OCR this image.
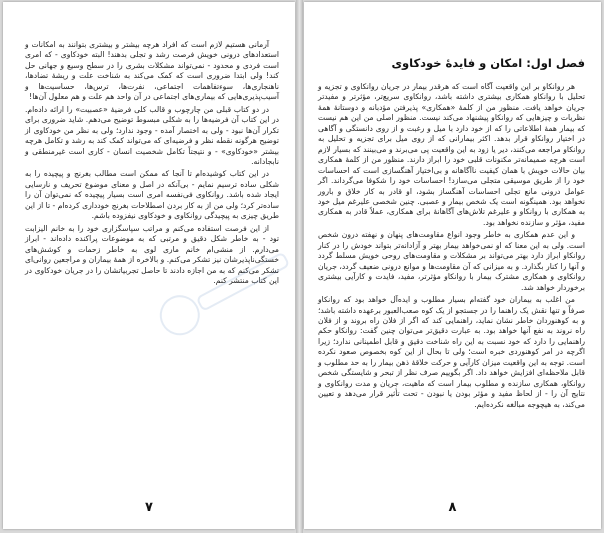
آرمانی هستیم لازم است که افراد هرچه بیشتر و بیشتری بتوانند به امکانات و استعدادهای درونی خویش فرصت رشد و تجلی بدهند! البته خودکاوی - که امری است فردی و محدود - نمی‌تواند مشکلات بشری را در سطح وسیع و جهانی حل کند! ولی ابتدا ضروری است که کمک می‌کند به شناخت علت و ریشهٔ تضادها، ناهنجاری‌ها، سوءتفاهمات اجتماعی، نفرت‌ها، ترس‌ها، حساسیت‌ها و آسیب‌پذیری‌هایی که بیماری‌های اجتماعی در آن واحد هم علت و هم معلول آن‌ها!

در دو کتاب قبلی من چارچوب و قالب کلی فرضیهٔ «عصبیت» را ارائه داده‌ام. در این کتاب آن فرضیه‌ها را به شکلی مبسوط توضیح می‌دهم. شاید ضروری برای تکرار آن‌ها نبود - ولی به اختصار آمده - وجود ندارد؛ ولی به نظر من خودکاوی از توضیح هرگونه نقطه نظر و فرضیه‌ای که می‌تواند کمک کند به رشد و تکامل هرچه بیشتر «خودکاوی» - و نتیجتاً تکامل شخصیت انسان - کاری است غیرمنطقی و نابجا‌دانه.

در این کتاب کوشیده‌ام تا آنجا که ممکن است مطالب بغرنج و پیچیده را به شکلی ساده ترسیم نمایم - بی‌آنکه در اصل و معنای موضوع تحریف و نارسایی ایجاد شده باشد. روانکاوی فی‌نفسه امری است بسیار پیچیده که نمی‌توان آن را ساده‌تر کرد؛ ولی من از به کار بردن اصطلاحات بغرنج خودداری کرده‌ام - تا از این طریق چیزی به پیچیدگی روانکاوی و خودکاوی نیفزوده باشم.

از این فرصت استفاده می‌کنم و مراتب سپاسگزاری خود را به خانم الیزابت تود - به خاطر شکل دقیق و مرتبی که به موضوعات پراکنده داده‌اند - ابراز می‌دارم. از منشی‌ام خانم ماری لوی به خاطر زحمات و کوشش‌های خستگی‌ناپذیرشان نیز تشکر می‌کنم. و بالاخره از همهٔ بیماران و مراجعین روانی‌ای تشکر می‌کنم که به من اجازه دادند تا حاصل تجربیاتشان را در جریان خودکاوی در این کتاب منتشر کنم.

۷
فصل اول: امکان و فایدهٔ خودکاوی

هر روانکاو بر این واقعیت آگاه است که هرقدر بیمار در جریان روانکاوی و تجزیه و تحلیل با روانکاو همکاری بیشتری داشته باشد، روانکاوی سریع‌تر، مؤثرتر و مفیدتر جریان خواهد یافت. منظور من از کلمهٔ «همکاری» پذیرفتن مؤدبانه و دوستانهٔ همهٔ نظریات و چیزهایی که روانکاو پیشنهاد می‌کند نیست. منظور اصلی من این هم نیست که بیمار همهٔ اطلاعاتی را که از خود دارد با میل و رغبت و از روی دانستگی و آگاهی در اختیار روانکاو قرار بدهد. اکثر بیمارانی که از روی میل برای تجزیه و تحلیل به روانکاو مراجعه می‌کنند، دیر یا زود به این واقعیت پی می‌برند و می‌بینند که بسیار لازم است هرچه صمیمانه‌تر مکنونات قلبی خود را ابراز دارند. منظور من از کلمهٔ همکاری بیان حالات خویش با همان کیفیت ناآگاهانه و بی‌اختیار آهنگسازی است که احساسات خود را از طریق موسیقی متجلی می‌سازد! احساسات خود را شکوفا می‌گرداند. اگر عوامل درونی مانع تجلی احساسات آهنگساز بشود، او قادر به کار خلاق و بارور نخواهد بود. همینگونه است یک شخص بیمار و عصبی. چنین شخصی علیرغم میل خود به همکاری با روانکاو و علیرغم تلاش‌های آگاهانهٔ برای همکاری، عملاً قادر به همکاری مفید، مؤثر و سازنده نخواهد بود.

و این عدم همکاری به خاطر وجود انواع مقاومت‌های پنهان و نهفته درون شخص است. ولی به این معنا که او نمی‌خواهد بیمار بهتر و آزادانه‌تر بتواند خودش را در کنار روانکاو ابراز دارد بهتر می‌تواند بر مشکلات و مقاومت‌های روحی خویش مسلط گردد و آنها را کنار بگذارد. و به میزانی که آن مقاومت‌ها و موانع درونی ضعیف گردد، جریان روانکاوی و همکاری مشترک بیمار با روانکاو مؤثرتر، مفید، فایدت و کارآیی بیشتری برخوردار خواهد شد.

من اغلب به بیماران خود گفته‌ام بسیار مطلوب و ایده‌آل خواهد بود که روانکاو صرفاً و تنها نقش یک راهنما را در جستجو از یک کوه صعب‌العبور برعهده داشته باشد؛ و به کوهنوردان خاطر نشان نماید، راهنمایی کند که اگر از فلان راه بروند و از فلان راه نروند به نفع آنها خواهد بود. به عبارت دقیق‌تر می‌توان چنین گفت: روانکاو حکم راهنمایی را دارد که خود نسبت به این راه شناخت دقیق و قابل اطمینانی ندارد؛ زیرا اگرچه در امر کوهنوردی خبره است؛ ولی تا بحال از این کوه بخصوص صعود نکرده است. توجه به این واقعیت میزان کارآیی و حرکت خلاقهٔ ذهن بیمار را به حد مطلوب و قابل ملاحظه‌ای افزایش خواهد داد. اگر بگوییم صرف نظر از تبحر و شایستگی شخص روانکاو، همکاری سازنده و مطلوب بیمار است که ماهیت، جریان و مدت روانکاوی و نتایج آن را - از لحاظ مفید و مؤثر بودن یا نبودن - تحت تأثیر قرار می‌دهد و تعیین می‌کند، به هیچوجه مبالغه نکرده‌ایم.

۸
